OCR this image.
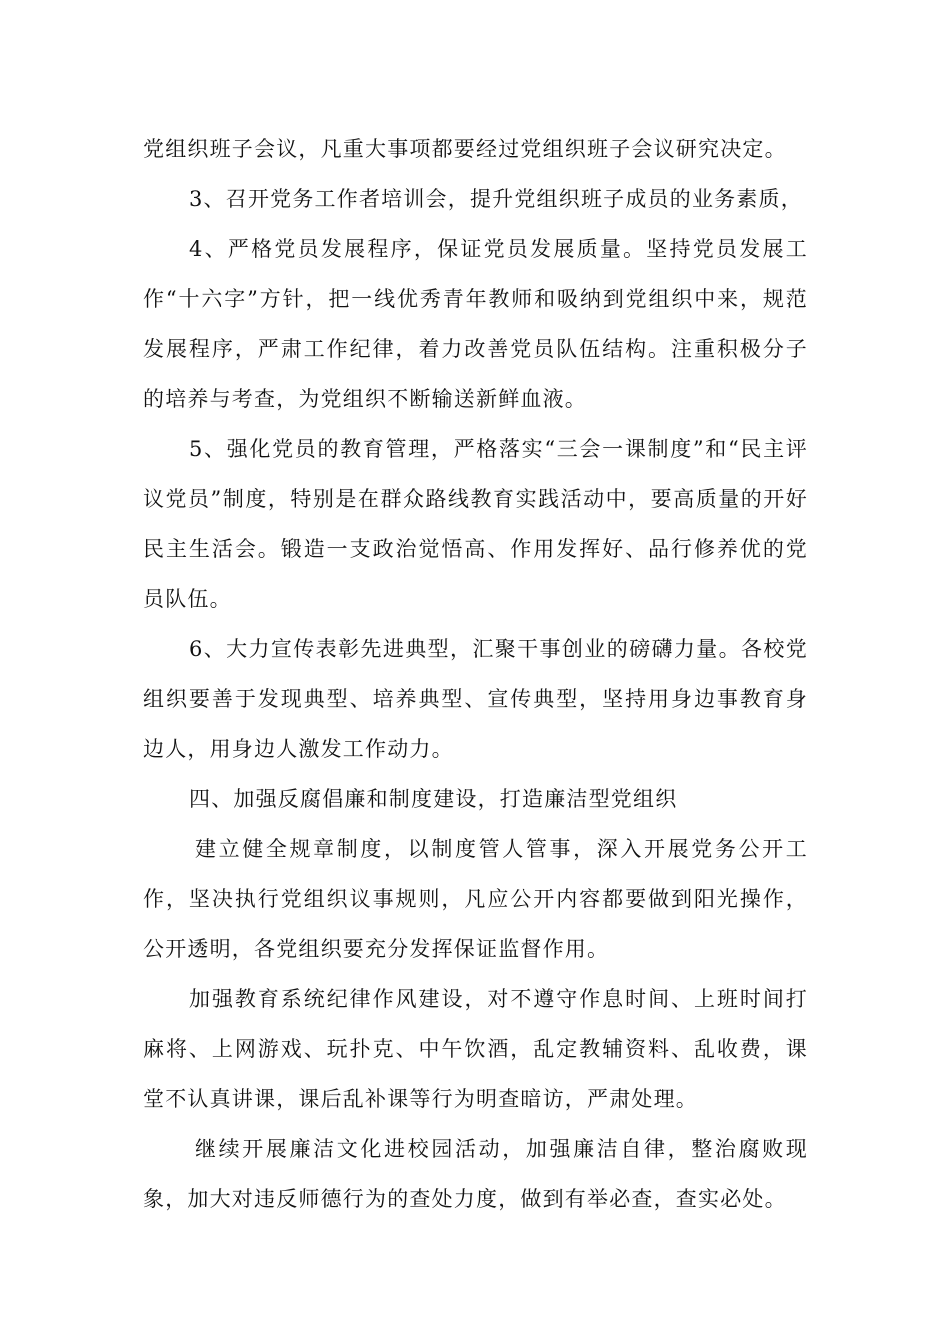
党组织班子会议，凡重大事项都要经过党组织班子会议研究决定。

3、召开党务工作者培训会，提升党组织班子成员的业务素质，

4、严格党员发展程序，保证党员发展质量。坚持党员发展工作“十六字”方针，把一线优秀青年教师和吸纳到党组织中来，规范发展程序，严肃工作纪律，着力改善党员队伍结构。注重积极分子的培养与考查，为党组织不断输送新鲜血液。

5、强化党员的教育管理，严格落实“三会一课制度”和“民主评议党员”制度，特别是在群众路线教育实践活动中，要高质量的开好民主生活会。锻造一支政治觉悟高、作用发挥好、品行修养优的党员队伍。

6、大力宣传表彰先进典型，汇聚干事创业的磅礴力量。各校党组织要善于发现典型、培养典型、宣传典型，坚持用身边事教育身边人，用身边人激发工作动力。

四、加强反腐倡廉和制度建设，打造廉洁型党组织

建立健全规章制度，以制度管人管事，深入开展党务公开工作，坚决执行党组织议事规则，凡应公开内容都要做到阳光操作，公开透明，各党组织要充分发挥保证监督作用。

加强教育系统纪律作风建设，对不遵守作息时间、上班时间打麻将、上网游戏、玩扑克、中午饮酒，乱定教辅资料、乱收费，课堂不认真讲课，课后乱补课等行为明查暗访，严肃处理。

继续开展廉洁文化进校园活动，加强廉洁自律，整治腐败现象，加大对违反师德行为的查处力度，做到有举必查，查实必处。
